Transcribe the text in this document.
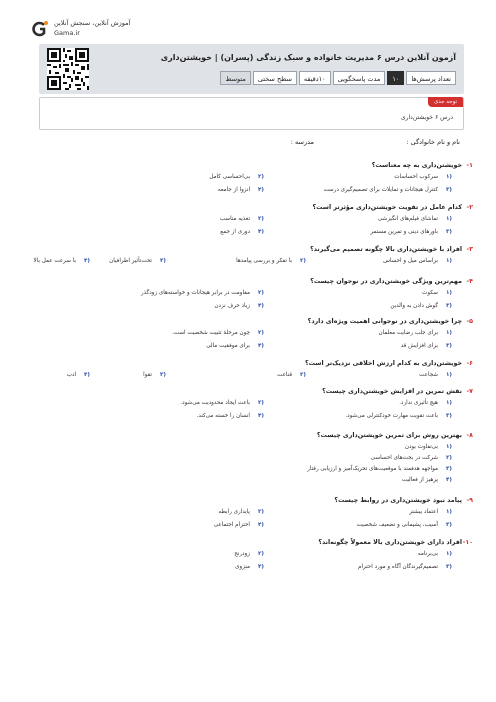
آموزش آنلاین، سنجش آنلاین
Gama.ir
آزمون آنلاین درس ۶ مدیریت خانواده و سبک زندگی (پسران) | خویشتن‌داری
تعداد پرسش‌ها
۱۰
مدت پاسخگویی
۱۰دقیقه
سطح سختی
متوسط
توجه جدی
درس ۶ خویشتن‌داری
نام و نام خانوادگی :
مدرسه :
۱-
خویشتن‌داری به چه معناست؟
۱)
سرکوب احساسات
۲)
بی‌احساسی کامل
۳)
کنترل هیجانات و تمایلات برای تصمیم‌گیری درست
۴)
انزوا از جامعه
۲-
کدام عامل در تقویت خویشتن‌داری مؤثرتر است؟
۱)
تماشای فیلم‌های انگیزشی
۲)
تغذیه مناسب
۳)
باورهای دینی و تمرین مستمر
۴)
دوری از جمع
۳-
افراد با خویشتن‌داری بالا چگونه تصمیم می‌گیرند؟
۱)
براساس میل و احساس
۲)
با تفکر و بررسی پیامدها
۳)
تحت‌تأثیر اطرافیان
۴)
با سرعت عمل بالا
۴-
مهم‌ترین ویژگی خویشتن‌داری در نوجوان چیست؟
۱)
سکوت
۲)
مقاومت در برابر هیجانات و خواسته‌های زودگذر
۳)
گوش دادن به والدین
۴)
زیاد حرف نزدن
۵-
چرا خویشتن‌داری در نوجوانی اهمیت ویژه‌ای دارد؟
۱)
برای جلب رضایت معلمان
۲)
چون مرحلهٔ تثبیت شخصیت است.
۳)
برای افزایش قد
۴)
برای موفقیت مالی
۶-
خویشتن‌داری به کدام ارزش اخلاقی نزدیک‌تر است؟
۱)
شجاعت
۲)
قناعت
۳)
تقوا
۴)
ادب
۷-
نقش تمرین در افزایش خویشتن‌داری چیست؟
۱)
هیچ تأثیری ندارد.
۲)
باعث ایجاد محدودیت می‌شود.
۳)
باعث تقویت مهارت خودکنترلی می‌شود.
۴)
انسان را خسته می‌کند.
۸-
بهترین روش برای تمرین خویشتن‌داری چیست؟
۱)
بی‌تفاوت بودن
۲)
شرکت در بحث‌های احساسی
۳)
مواجهه هدفمند با موقعیت‌های تحریک‌آمیز و ارزیابی رفتار
۴)
پرهیز از فعالیت
۹-
پیامد نبود خویشتن‌داری در روابط چیست؟
۱)
اعتماد بیشتر
۲)
پایداری رابطه
۳)
آسیب، پشیمانی و تضعیف شخصیت
۴)
احترام اجتماعی
۱۰-
افراد دارای خویشتن‌داری بالا معمولاً چگونه‌اند؟
۱)
بی‌برنامه
۲)
زودرنج
۳)
تصمیم‌گیرندگان آگاه و مورد احترام
۴)
منزوی
